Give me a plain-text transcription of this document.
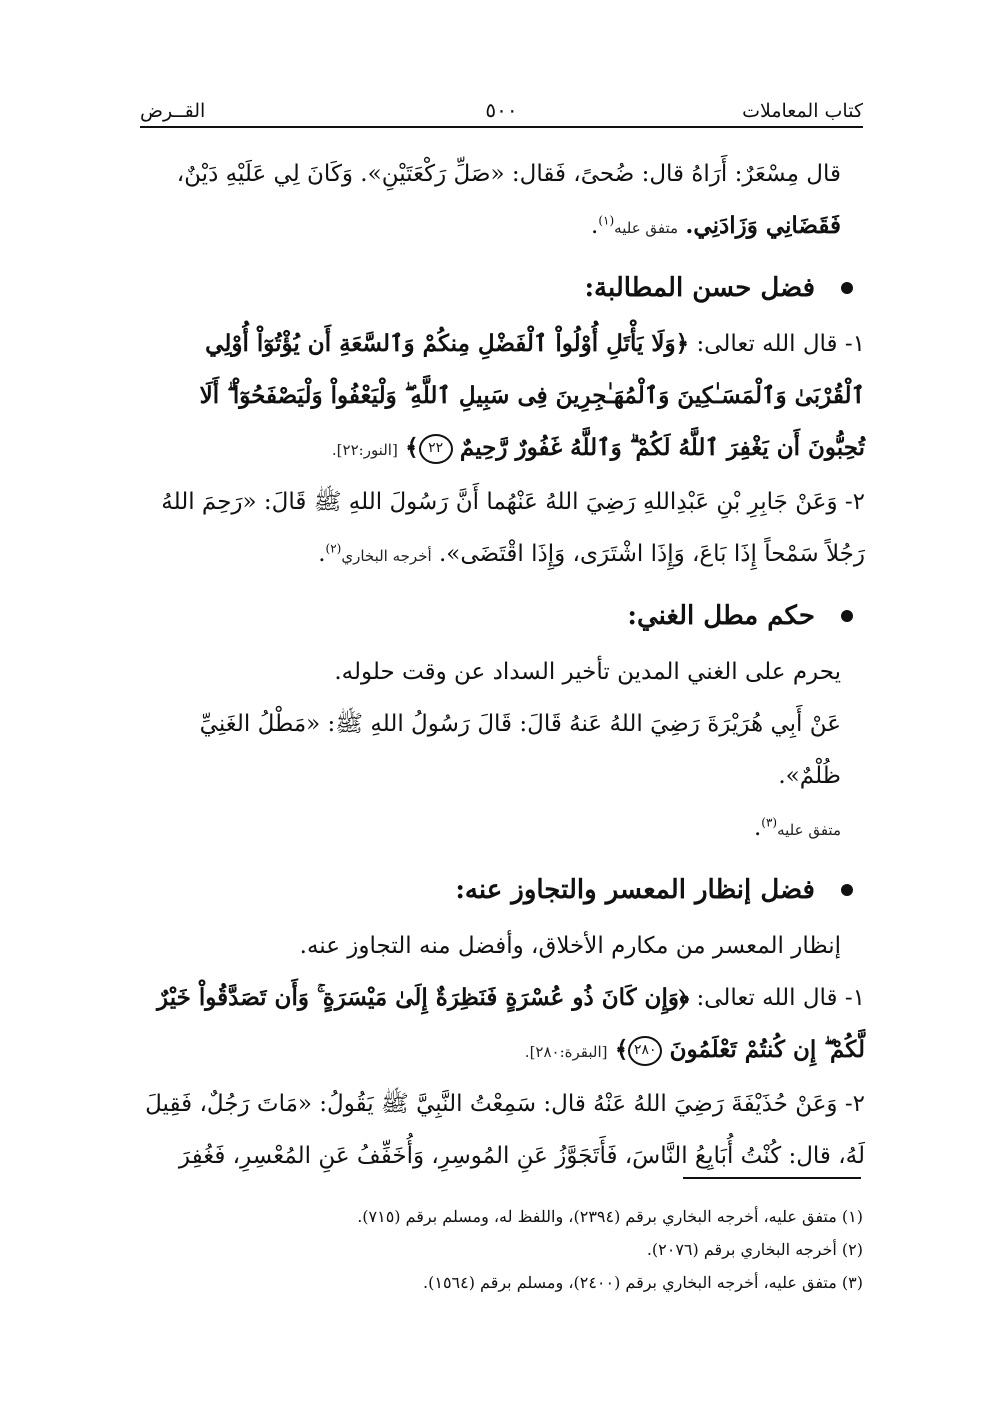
كتاب المعاملات
٥٠٠
القــرض

قال مِسْعَرٌ: أَرَاهُ قال: ضُحىً، فَقال: «صَلِّ رَكْعَتَيْنِ». وَكَانَ لِي عَلَيْهِ دَيْنٌ،
فَقَضَانِي وَزَادَنِي. متفق عليه$^{(١)}$.

فضل حسن المطالبة:

١- قال الله تعالى: ﴿وَلَا يَأْتَلِ أُوْلُواْ ٱلْفَضْلِ مِنكُمْ وَٱلسَّعَةِ أَن يُؤْتُوٓاْ أُوْلِي ٱلْقُرْبَىٰ وَٱلْمَسَـٰكِينَ وَٱلْمُهَـٰجِرِينَ فِى سَبِيلِ ٱللَّهِ ۖ وَلْيَعْفُواْ وَلْيَصْفَحُوٓاْ ۗ أَلَا تُحِبُّونَ أَن يَغْفِرَ ٱللَّهُ لَكُمْ ۗ وَٱللَّهُ غَفُورٌ رَّحِيمٌ ٢٢﴾ [النور:٢٢].

٢- وَعَنْ جَابِرِ بْنِ عَبْدِاللهِ رَضِيَ اللهُ عَنْهُما أَنَّ رَسُولَ اللهِ ﷺ قَالَ: «رَحِمَ اللهُ رَجُلاً سَمْحاً إِذَا بَاعَ، وَإِذَا اشْتَرَى، وَإِذَا اقْتَضَى». أخرجه البخاري$^{(٢)}$.

حكم مطل الغني:

يحرم على الغني المدين تأخير السداد عن وقت حلوله.

عَنْ أَبِي هُرَيْرَةَ رَضِيَ اللهُ عَنهُ قَالَ: قَالَ رَسُولُ اللهِ ﷺ: «مَطْلُ الغَنِيِّ ظُلْمٌ».
متفق عليه$^{(٣)}$.

فضل إنظار المعسر والتجاوز عنه:

إنظار المعسر من مكارم الأخلاق، وأفضل منه التجاوز عنه.

١- قال الله تعالى: ﴿وَإِن كَانَ ذُو عُسْرَةٍ فَنَظِرَةٌ إِلَىٰ مَيْسَرَةٍ ۚ وَأَن تَصَدَّقُواْ خَيْرٌ لَّكُمْ ۖ إِن كُنتُمْ تَعْلَمُونَ ٢٨٠﴾ [البقرة:٢٨٠].

٢- وَعَنْ حُذَيْفَةَ رَضِيَ اللهُ عَنْهُ قال: سَمِعْتُ النَّبِيَّ ﷺ يَقُولُ: «مَاتَ رَجُلٌ، فَقِيلَ لَهُ، قال: كُنْتُ أُبَايِعُ النَّاسَ، فَأَتَجَوَّزُ عَنِ المُوسِرِ، وَأُخَفِّفُ عَنِ المُعْسِرِ، فَغُفِرَ

(١) متفق عليه، أخرجه البخاري برقم (٢٣٩٤)، واللفظ له، ومسلم برقم (٧١٥).

(٢) أخرجه البخاري برقم (٢٠٧٦).

(٣) متفق عليه، أخرجه البخاري برقم (٢٤٠٠)، ومسلم برقم (١٥٦٤).
